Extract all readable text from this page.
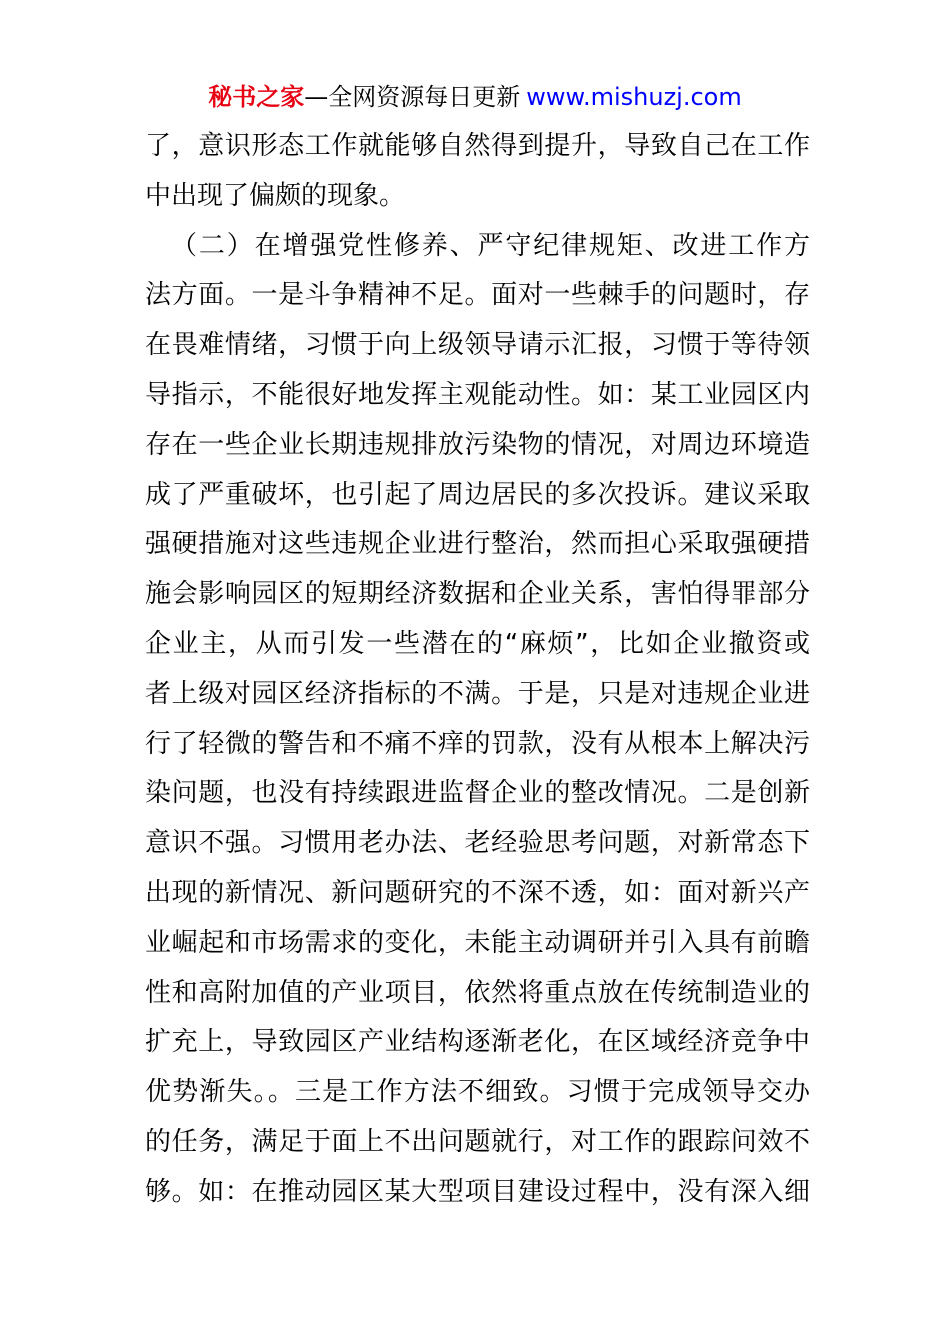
秘书之家—全网资源每日更新 www.mishuzj.com
了，意识形态工作就能够自然得到提升，导致自己在工作
中出现了偏颇的现象。
（二）在增强党性修养、严守纪律规矩、改进工作方
法方面。一是斗争精神不足。面对一些棘手的问题时，存
在畏难情绪，习惯于向上级领导请示汇报，习惯于等待领
导指示，不能很好地发挥主观能动性。如：某工业园区内
存在一些企业长期违规排放污染物的情况，对周边环境造
成了严重破坏，也引起了周边居民的多次投诉。建议采取
强硬措施对这些违规企业进行整治，然而担心采取强硬措
施会影响园区的短期经济数据和企业关系，害怕得罪部分
企业主，从而引发一些潜在的“麻烦”，比如企业撤资或
者上级对园区经济指标的不满。于是，只是对违规企业进
行了轻微的警告和不痛不痒的罚款，没有从根本上解决污
染问题，也没有持续跟进监督企业的整改情况。二是创新
意识不强。习惯用老办法、老经验思考问题，对新常态下
出现的新情况、新问题研究的不深不透，如：面对新兴产
业崛起和市场需求的变化，未能主动调研并引入具有前瞻
性和高附加值的产业项目，依然将重点放在传统制造业的
扩充上，导致园区产业结构逐渐老化，在区域经济竞争中
优势渐失。。三是工作方法不细致。习惯于完成领导交办
的任务，满足于面上不出问题就行，对工作的跟踪问效不
够。如：在推动园区某大型项目建设过程中，没有深入细
